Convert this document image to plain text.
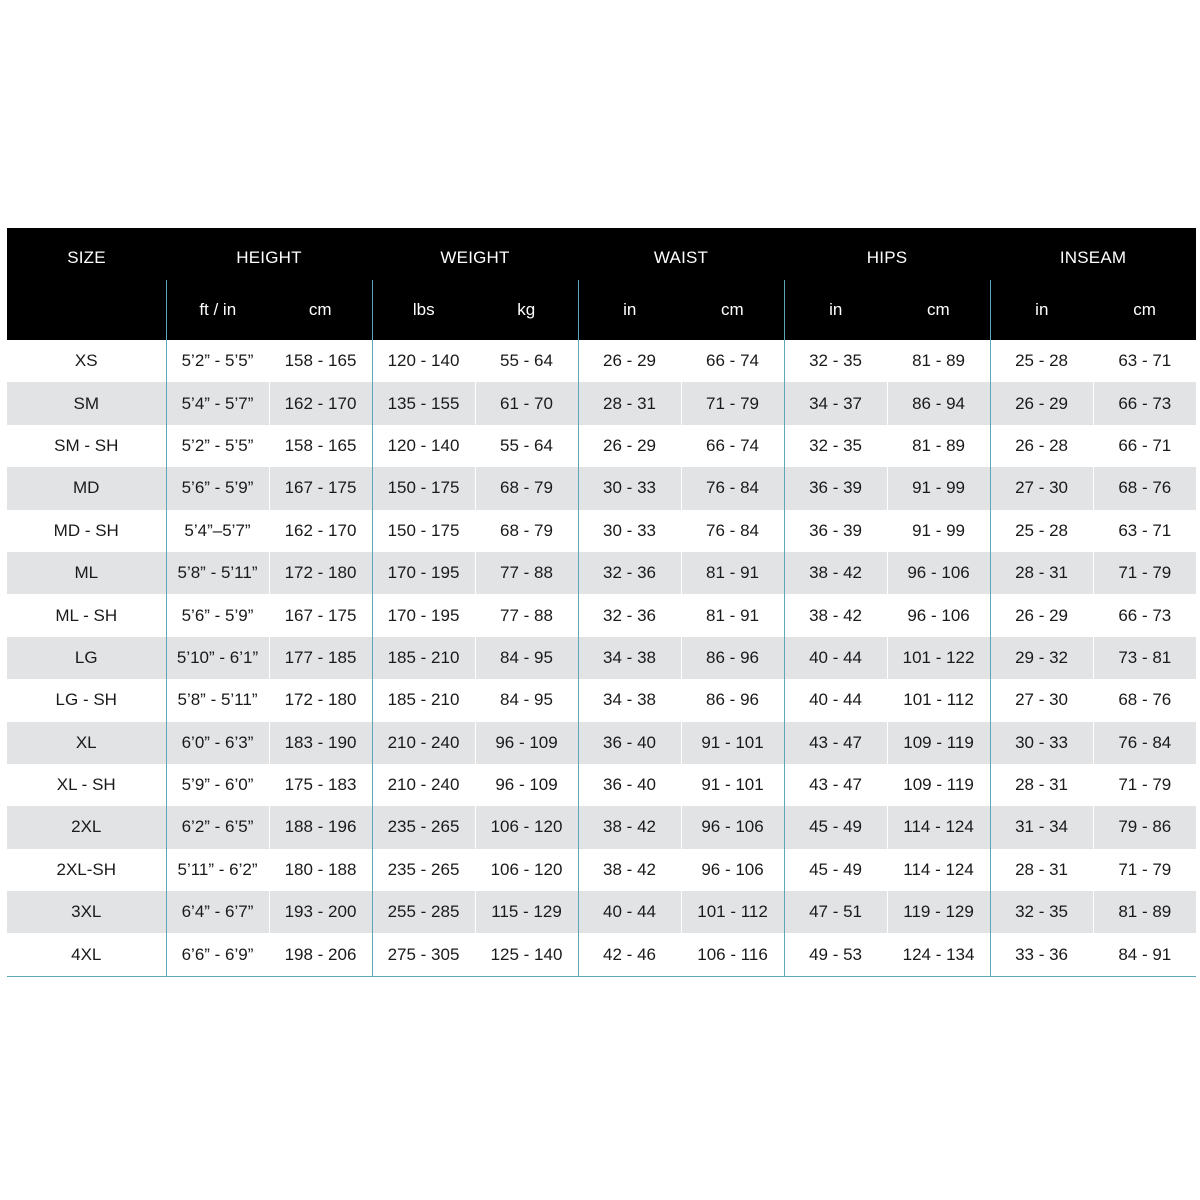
SIZE	HEIGHT		WEIGHT		WAIST		HIPS		INSEAM	
	ft / in	cm	lbs	kg	in	cm	in	cm	in	cm
XS	5’2” - 5’5”	158 - 165	120 - 140	55 - 64	26 - 29	66 - 74	32 - 35	81 - 89	25 - 28	63 - 71
SM	5’4” - 5’7”	162 - 170	135 - 155	61 - 70	28 - 31	71 - 79	34 - 37	86 - 94	26 - 29	66 - 73
SM - SH	5’2” - 5’5”	158 - 165	120 - 140	55 - 64	26 - 29	66 - 74	32 - 35	81 - 89	26 - 28	66 - 71
MD	5’6” - 5’9”	167 - 175	150 - 175	68 - 79	30 - 33	76 - 84	36 - 39	91 - 99	27 - 30	68 - 76
MD - SH	5’4”–5’7”	162 - 170	150 - 175	68 - 79	30 - 33	76 - 84	36 - 39	91 - 99	25 - 28	63 - 71
ML	5’8” - 5’11”	172 - 180	170 - 195	77 - 88	32 - 36	81 - 91	38 - 42	96 - 106	28 - 31	71 - 79
ML - SH	5’6” - 5’9”	167 - 175	170 - 195	77 - 88	32 - 36	81 - 91	38 - 42	96 - 106	26 - 29	66 - 73
LG	5’10” - 6’1”	177 - 185	185 - 210	84 - 95	34 - 38	86 - 96	40 - 44	101 - 122	29 - 32	73 - 81
LG - SH	5’8” - 5’11”	172 - 180	185 - 210	84 - 95	34 - 38	86 - 96	40 - 44	101 - 112	27 - 30	68 - 76
XL	6’0” - 6’3”	183 - 190	210 - 240	96 - 109	36 - 40	91 - 101	43 - 47	109 - 119	30 - 33	76 - 84
XL - SH	5’9” - 6’0”	175 - 183	210 - 240	96 - 109	36 - 40	91 - 101	43 - 47	109 - 119	28 - 31	71 - 79
2XL	6’2” - 6’5”	188 - 196	235 - 265	106 - 120	38 - 42	96 - 106	45 - 49	114 - 124	31 - 34	79 - 86
2XL-SH	5’11” - 6’2”	180 - 188	235 - 265	106 - 120	38 - 42	96 - 106	45 - 49	114 - 124	28 - 31	71 - 79
3XL	6’4” - 6’7”	193 - 200	255 - 285	115 - 129	40 - 44	101 - 112	47 - 51	119 - 129	32 - 35	81 - 89
4XL	6’6” - 6’9”	198 - 206	275 - 305	125 - 140	42 - 46	106 - 116	49 - 53	124 - 134	33 - 36	84 - 91
